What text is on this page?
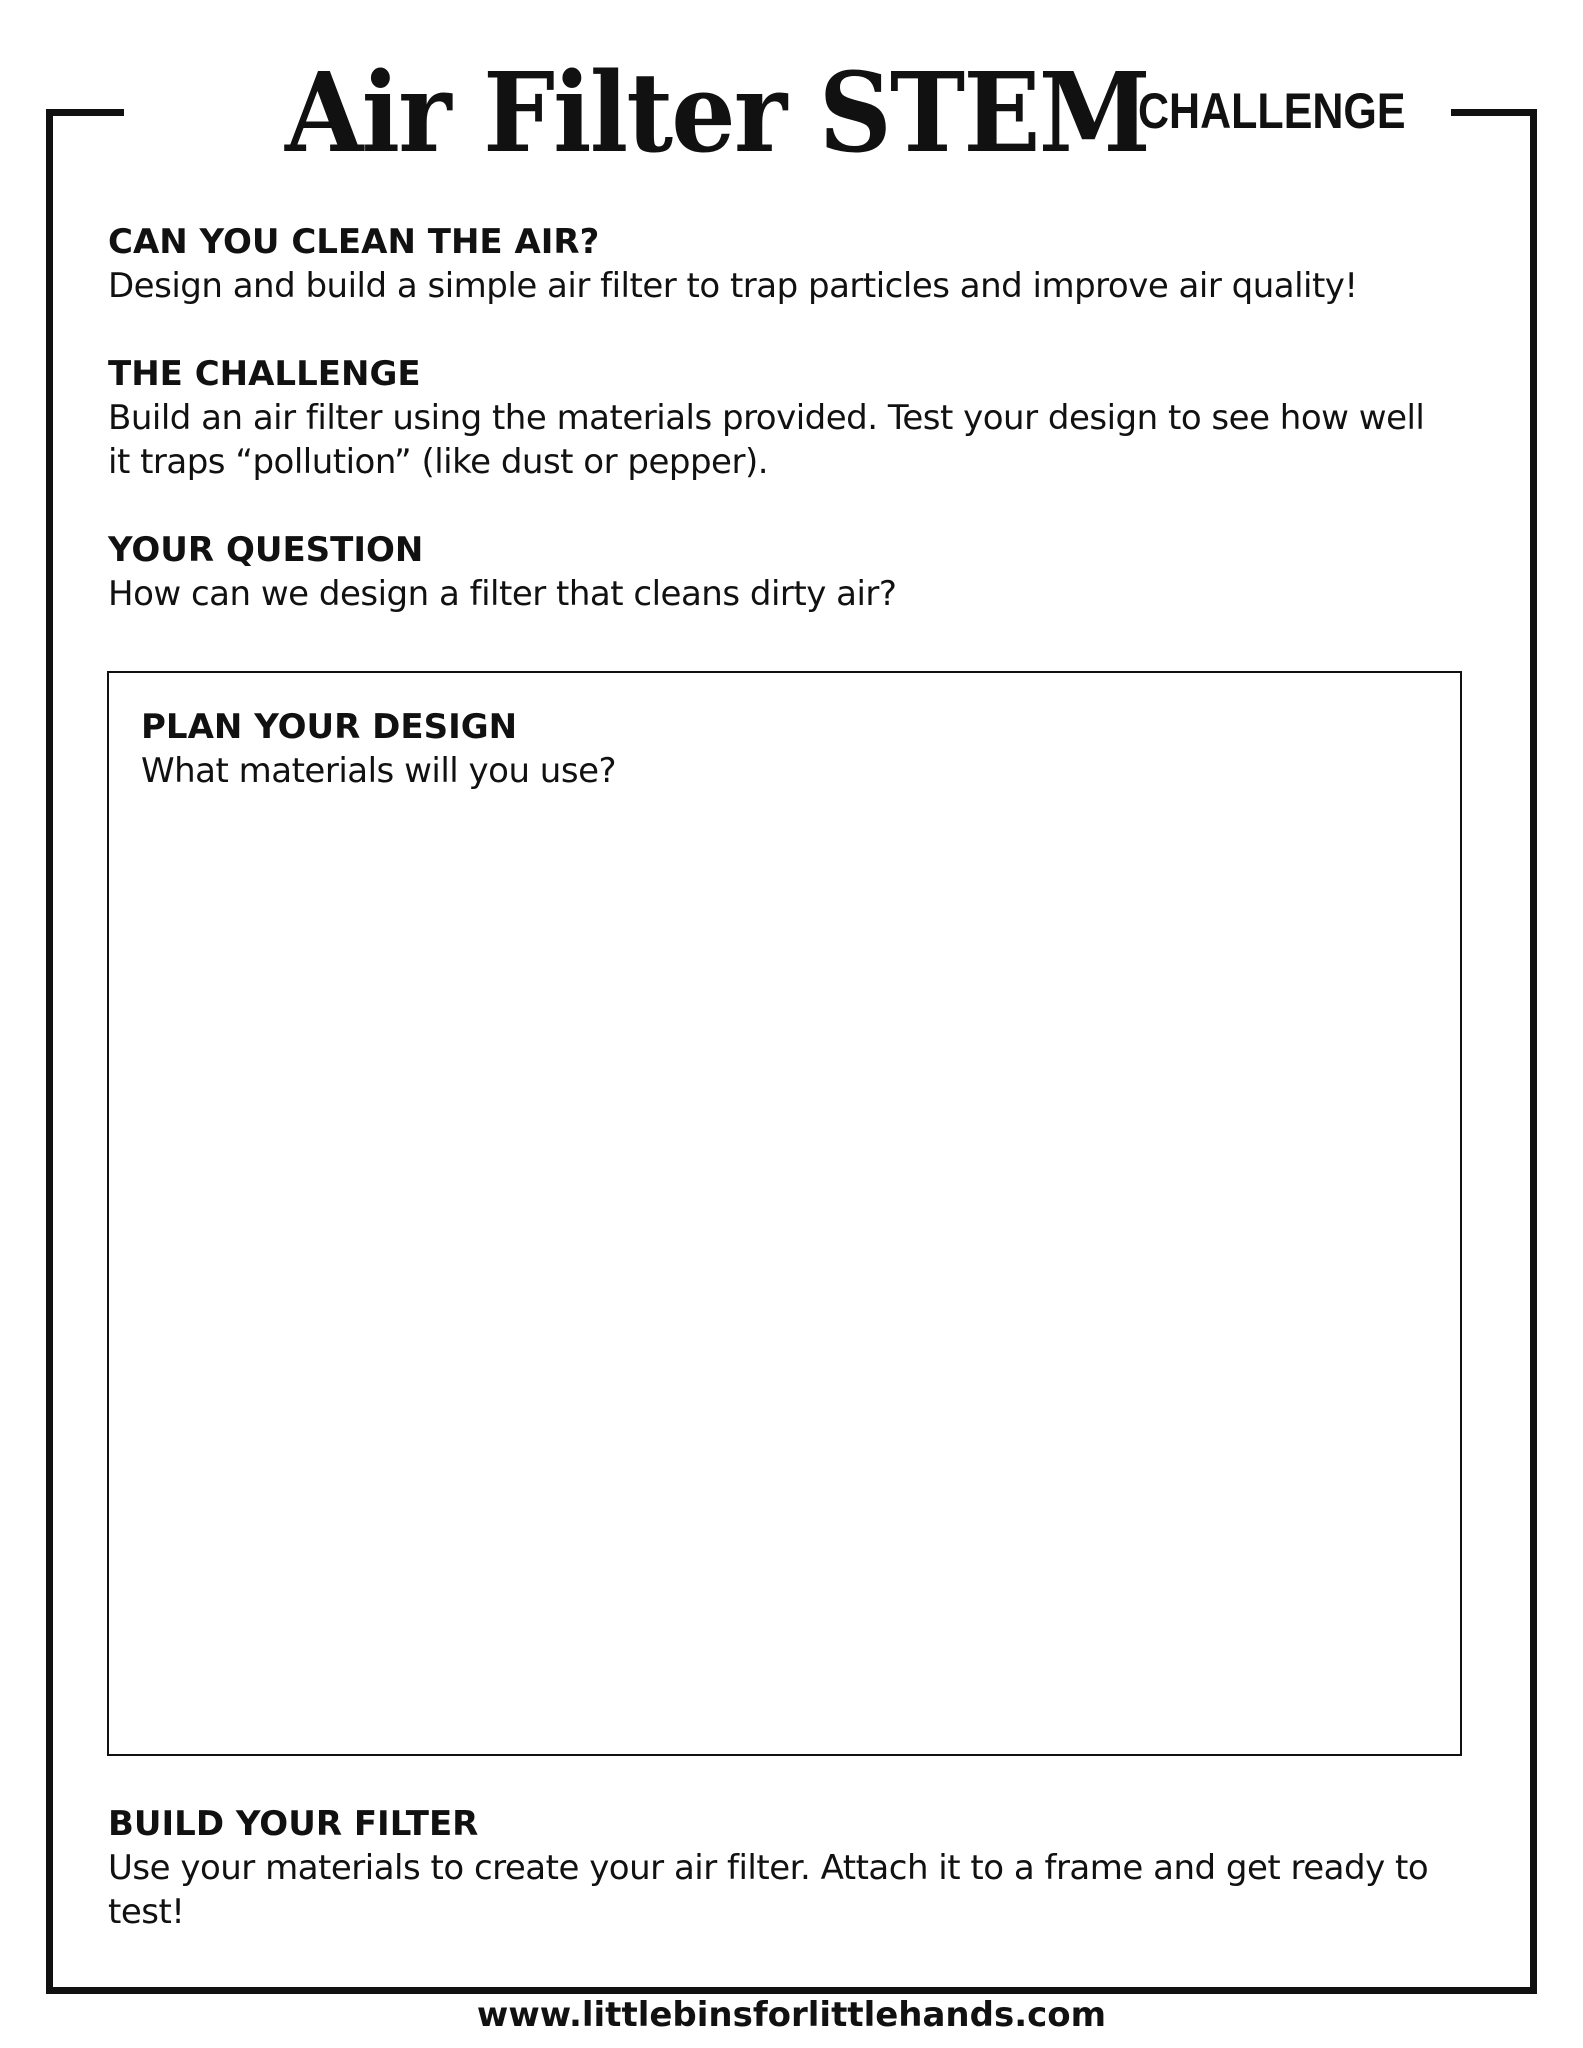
Air Filter STEM
CHALLENGE

CAN YOU CLEAN THE AIR?

Design and build a simple air filter to trap particles and improve air quality!

THE CHALLENGE

Build an air filter using the materials provided. Test your design to see how well

it traps “pollution” (like dust or pepper).

YOUR QUESTION

How can we design a filter that cleans dirty air?

PLAN YOUR DESIGN

What materials will you use?

BUILD YOUR FILTER

Use your materials to create your air filter. Attach it to a frame and get ready to

test!

www.littlebinsforlittlehands.com
